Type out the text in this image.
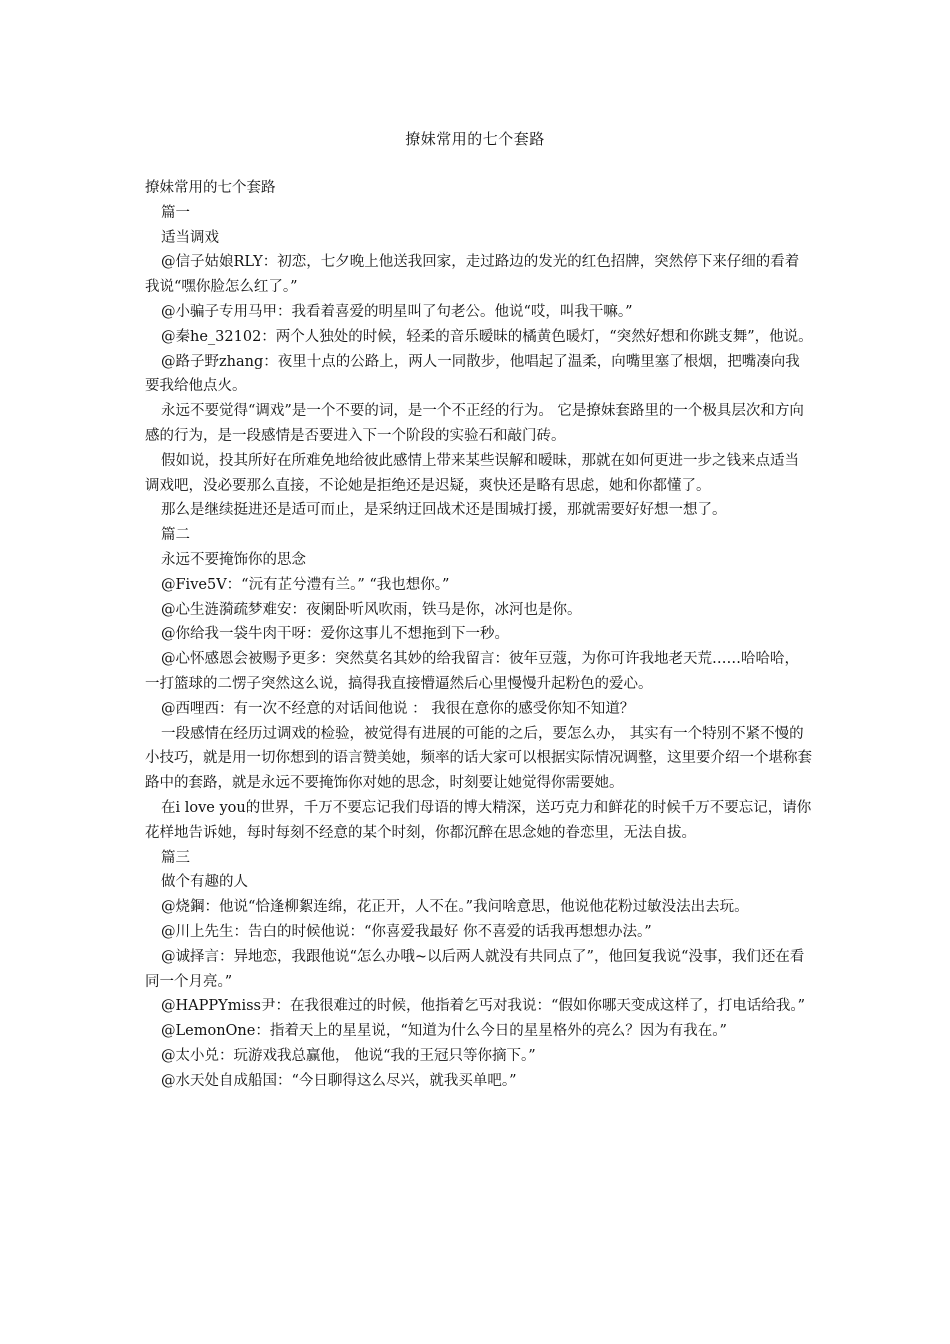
撩妹常用的七个套路

撩妹常用的七个套路

篇一

适当调戏

@信子姑娘RLY：初恋，七夕晚上他送我回家，走过路边的发光的红色招牌，突然停下来仔细的看着我说“嘿你脸怎么红了。”

@小骗子专用马甲：我看着喜爱的明星叫了句老公。他说“哎，叫我干嘛。”

@秦he_32102：两个人独处的时候，轻柔的音乐暧昧的橘黄色暖灯，“突然好想和你跳支舞”，他说。

@路子野zhang：夜里十点的公路上，两人一同散步，他唱起了温柔，向嘴里塞了根烟，把嘴凑向我要我给他点火。

永远不要觉得“调戏”是一个不要的词，是一个不正经的行为。 它是撩妹套路里的一个极具层次和方向感的行为，是一段感情是否要进入下一个阶段的实验石和敲门砖。

假如说，投其所好在所难免地给彼此感情上带来某些误解和暧昧，那就在如何更进一步之钱来点适当调戏吧，没必要那么直接，不论她是拒绝还是迟疑，爽快还是略有思虑，她和你都懂了。

那么是继续挺进还是适可而止，是采纳迂回战术还是围城打援，那就需要好好想一想了。

篇二

永远不要掩饰你的思念

@Five5V：“沅有芷兮澧有兰。” “我也想你。”

@心生涟漪疏梦难安：夜阑卧听风吹雨，铁马是你，冰河也是你。

@你给我一袋牛肉干呀：爱你这事儿不想拖到下一秒。

@心怀感恩会被赐予更多：突然莫名其妙的给我留言：彼年豆蔻，为你可许我地老天荒……哈哈哈，一打篮球的二愣子突然这么说，搞得我直接懵逼然后心里慢慢升起粉色的爱心。

@西哩西：有一次不经意的对话间他说 ： 我很在意你的感受你知不知道？

一段感情在经历过调戏的检验，被觉得有进展的可能的之后，要怎么办， 其实有一个特别不紧不慢的小技巧，就是用一切你想到的语言赞美她，频率的话大家可以根据实际情况调整，这里要介绍一个堪称套路中的套路，就是永远不要掩饰你对她的思念，时刻要让她觉得你需要她。

在i love you的世界，千万不要忘记我们母语的博大精深，送巧克力和鲜花的时候千万不要忘记，请你花样地告诉她，每时每刻不经意的某个时刻，你都沉醉在思念她的眷恋里，无法自拔。

篇三

做个有趣的人

@烧鋼：他说“恰逢柳絮连绵，花正开，人不在。”我问啥意思，他说他花粉过敏没法出去玩。

@川上先生：告白的时候他说：“你喜爱我最好 你不喜爱的话我再想想办法。”

@诚择言：异地恋，我跟他说“怎么办哦~以后两人就没有共同点了”，他回复我说“没事，我们还在看同一个月亮。”

@HAPPYmiss尹：在我很难过的时候，他指着乞丐对我说：“假如你哪天变成这样了，打电话给我。”

@LemonOne：指着天上的星星说，“知道为什么今日的星星格外的亮么？因为有我在。”

@太小兑：玩游戏我总赢他， 他说“我的王冠只等你摘下。”

@水天处自成船国：“今日聊得这么尽兴，就我买单吧。”
